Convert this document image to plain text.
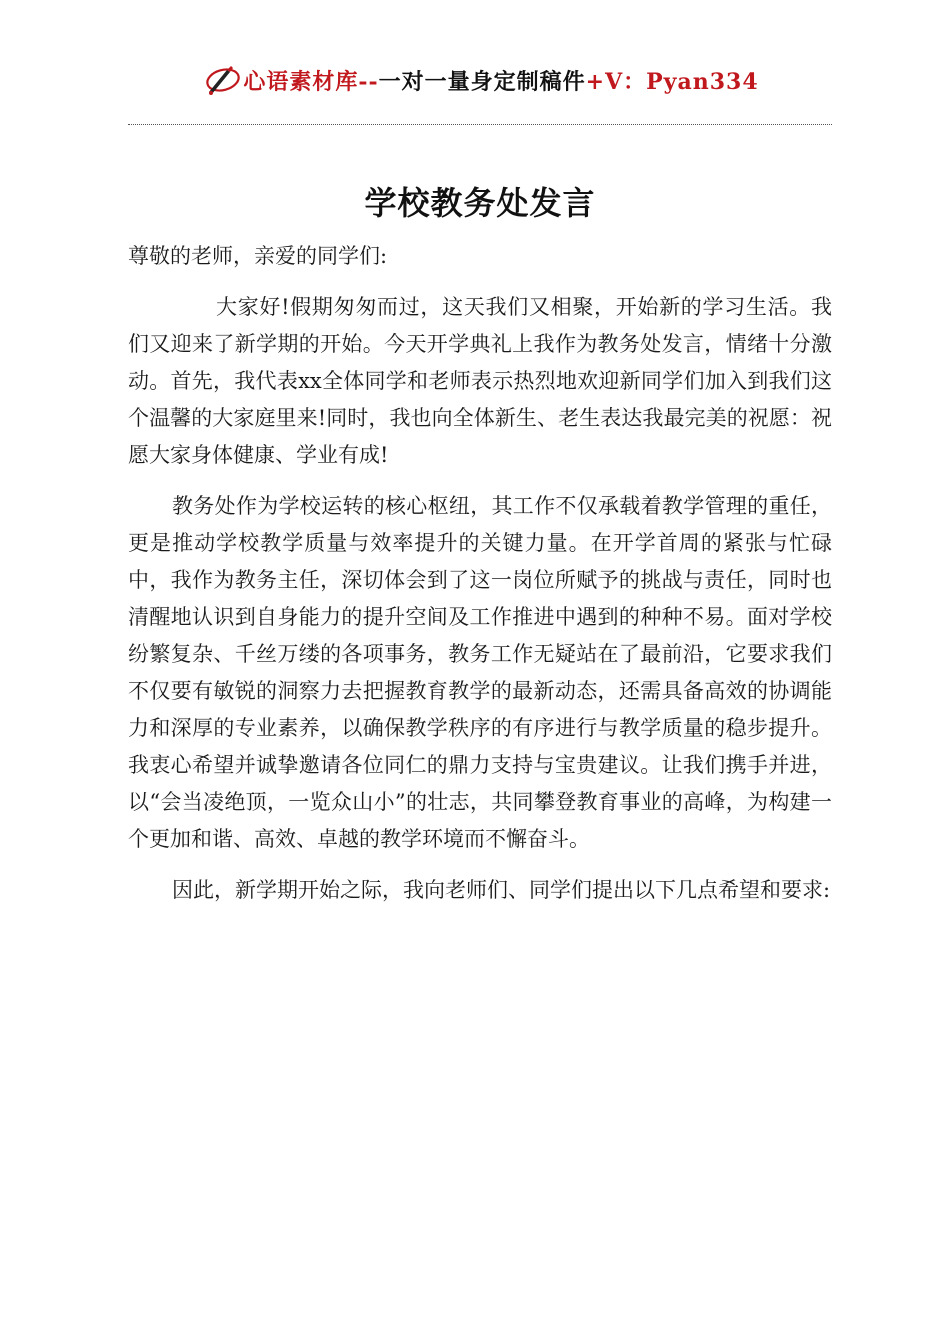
心语素材库--一对一量身定制稿件+V：Pyan334
学校教务处发言

尊敬的老师，亲爱的同学们:

大家好!假期匆匆而过，这天我们又相聚，开始新的学习生活。我们又迎来了新学期的开始。今天开学典礼上我作为教务处发言，情绪十分激动。首先，我代表xx全体同学和老师表示热烈地欢迎新同学们加入到我们这个温馨的大家庭里来!同时，我也向全体新生、老生表达我最完美的祝愿：祝愿大家身体健康、学业有成!

教务处作为学校运转的核心枢纽，其工作不仅承载着教学管理的重任，更是推动学校教学质量与效率提升的关键力量。在开学首周的紧张与忙碌中，我作为教务主任，深切体会到了这一岗位所赋予的挑战与责任，同时也清醒地认识到自身能力的提升空间及工作推进中遇到的种种不易。面对学校纷繁复杂、千丝万缕的各项事务，教务工作无疑站在了最前沿，它要求我们不仅要有敏锐的洞察力去把握教育教学的最新动态，还需具备高效的协调能力和深厚的专业素养，以确保教学秩序的有序进行与教学质量的稳步提升。我衷心希望并诚挚邀请各位同仁的鼎力支持与宝贵建议。让我们携手并进，以“会当凌绝顶，一览众山小”的壮志，共同攀登教育事业的高峰，为构建一个更加和谐、高效、卓越的教学环境而不懈奋斗。

因此，新学期开始之际，我向老师们、同学们提出以下几点希望和要求:
